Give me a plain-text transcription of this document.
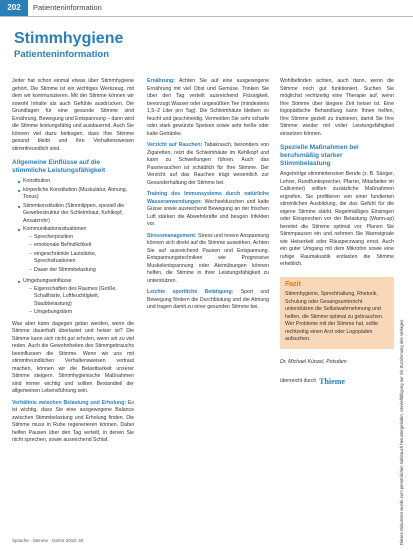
202	Patienteninformation
Stimmhygiene
Patienteninformation

Jeder hat schon einmal etwas über Stimmhygiene gehört. Die Stimme ist ein wichtiges Werkzeug, mit dem wir kommunizieren. Mit der Stimme können wir sowohl Inhalte als auch Gefühle ausdrücken. Die Grundlagen für eine gesunde Stimme sind Ernährung, Bewegung und Entspannung – dann wird die Stimme leistungsfähig und ausdauernd. Auch Sie können viel dazu beitragen, dass Ihre Stimme gesund bleibt und Ihre Verhaltensweisen stimmfreundlich sind.

Allgemeine Einflüsse auf die stimmliche Leistungsfähigkeit
■ Konstitution
■ körperliche Konstitution (Muskulatur, Atmung, Tonus)
■ Stimmkonstitution (Stimmlippen, speziell die Gewebestruktur der Schleimhaut, Kehlkopf, Ansatzrohr)
■ Kommunikationssituationen
– Sprecherposition
– emotionale Befindlichkeit
– eingeschränkte Lautstärke, Sprechsituationen
– Dauer der Stimmbelastung
■ Umgebungseinflüsse
– Eigenschaften des Raumes (Größe, Schallhärte, Luftfeuchtigkeit, Staubbelastung)
– Umgebungslärm

Was aber kann dagegen getan werden, wenn die Stimme dauerhaft überlastet und heiser ist? Die Stimme kann sich nicht gut erholen, wenn wir zu viel reden. Auch die Gewohnheiten des Stimmgebrauchs beeinflussen die Stimme. Wenn wir uns mit stimmfreundlichen Verhaltensweisen vertraut machen, können wir die Belastbarkeit unserer Stimme steigern. Stimmhygienische Maßnahmen sind immer wichtig und sollten Bestandteil der allgemeinen Lebensführung sein.

Verhältnis zwischen Belastung und Erholung: Es ist wichtig, dass Sie eine ausgewogene Balance zwischen Stimmbelastung und Erholung finden. Die Stimme muss in Ruhe regenerieren können. Dabei helfen Pausen über den Tag verteilt, in denen Sie nicht sprechen, sowie ausreichend Schlaf.

Ernährung: Achten Sie auf eine ausgewogene Ernährung mit viel Obst und Gemüse. Trinken Sie über den Tag verteilt ausreichend Flüssigkeit, bevorzugt Wasser oder ungesüßten Tee (mindestens 1,5–2 Liter pro Tag). Die Schleimhäute bleiben so feucht und geschmeidig. Vermeiden Sie sehr scharfe oder stark gewürzte Speisen sowie sehr heiße oder kalte Getränke.

Verzicht auf Rauchen: Tabakrauch, besonders von Zigaretten, reizt die Schleimhäute im Kehlkopf und kann zu Schwellungen führen. Auch das Passivrauchen ist schädlich für Ihre Stimme. Der Verzicht auf das Rauchen trägt wesentlich zur Gesunderhaltung der Stimme bei.

Training des Immunsystems durch natürliche Wasseranwendungen: Wechselduschen und kalte Güsse sowie ausreichend Bewegung an der frischen Luft stärken die Abwehrkräfte und beugen Infekten vor.

Stressmanagement: Stress und innere Anspannung können sich direkt auf die Stimme auswirken. Achten Sie auf ausreichend Pausen und Entspannung. Entspannungstechniken wie Progressive Muskelentspannung oder Atemübungen können helfen, die Stimme in ihrer Leistungsfähigkeit zu unterstützen.

Leichte sportliche Betätigung: Sport und Bewegung fördern die Durchblutung und die Atmung und tragen damit zu einer gesunden Stimme bei.

Wohlbefinden achten, auch dann, wenn die Stimme noch gut funktioniert. Suchen Sie möglichst rechtzeitig eine Therapie auf, wenn Ihre Stimme über längere Zeit heiser ist. Eine logopädische Behandlung kann Ihnen helfen, Ihre Stimme gezielt zu trainieren, damit Sie Ihre Stimme wieder mit voller Leistungsfähigkeit einsetzen können.

Spezielle Maßnahmen bei berufsmäßig starker Stimmbelastung

Angehörige stimmintensiver Berufe (z. B. Sänger, Lehrer, Rundfunksprecher, Pfarrer, Mitarbeiter im Callcenter) sollten zusätzliche Maßnahmen ergreifen. Sie profitieren von einer fundierten stimmlichen Ausbildung, die das Gefühl für die eigene Stimme stärkt. Regelmäßiges Einsingen oder Einsprechen vor der Belastung (Warm-up) bereitet die Stimme optimal vor. Planen Sie Stimmpausen ein und nehmen Sie Warnsignale wie Heiserkeit oder Räusperzwang ernst. Auch ein guter Umgang mit dem Mikrofon sowie eine ruhige Raumakustik entlasten die Stimme erheblich.

Fazit
Stimmhygiene, Sprechhaltung, Rhetorik, Schulung oder Gesangsunterricht unterstützen die Selbstwahrnehmung und helfen, die Stimme optimal zu gebrauchen. Wer Probleme mit der Stimme hat, sollte rechtzeitig einen Arzt oder Logopäden aufsuchen.
Dr. Michael Künzel, Potsdam
überreicht durch Thieme
Sprache · Stimme · Gehör 2016; 40	Dieses Dokument wurde zum persönlichen Gebrauch heruntergeladen. Vervielfältigung nur mit Zustimmung des Verlages.
